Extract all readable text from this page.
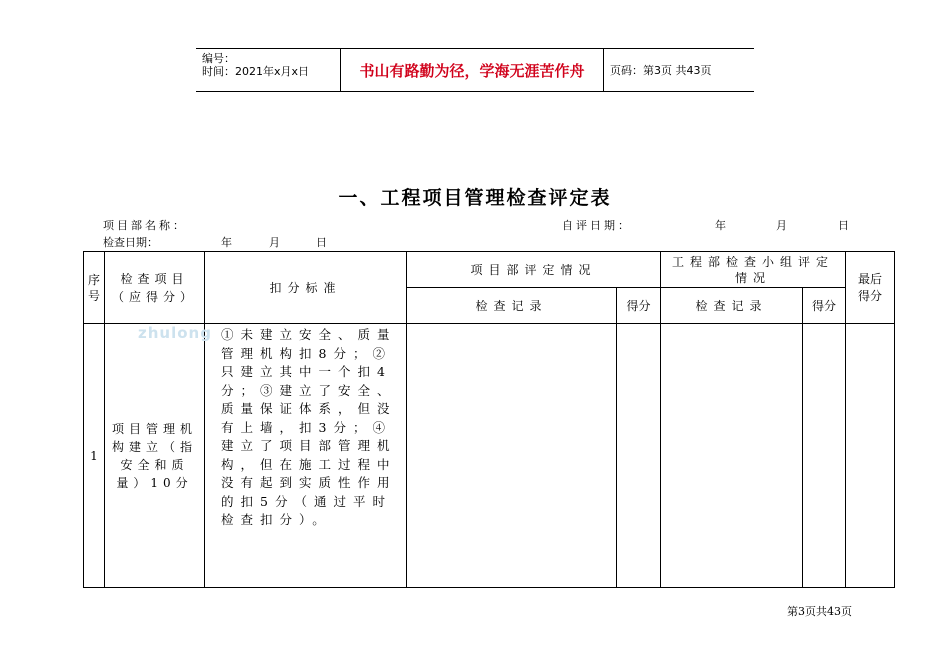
编号：
时间：2021年x月x日	书山有路勤为径，学海无涯苦作舟	页码：第3页 共43页
一、工程项目管理检查评定表
项目部名称：	自评日期：	年	月	日
检查日期：	年	月	日
序号	检查项目（应得分）	扣分标准	项目部评定情况		工程部检查小组评定情况		最后得分
			检查记录	得分	检查记录	得分	
1	项目管理机构建立（指安全和质量）10分	①未建立安全、质量管理机构扣8分；②只建立其中一个扣4分；③建立了安全、质量保证体系，但没有上墙，扣3分；④建立了项目部管理机构，但在施工过程中没有起到实质性作用的扣5分（通过平时检查扣分）。					
zhulong
第3页共43页
